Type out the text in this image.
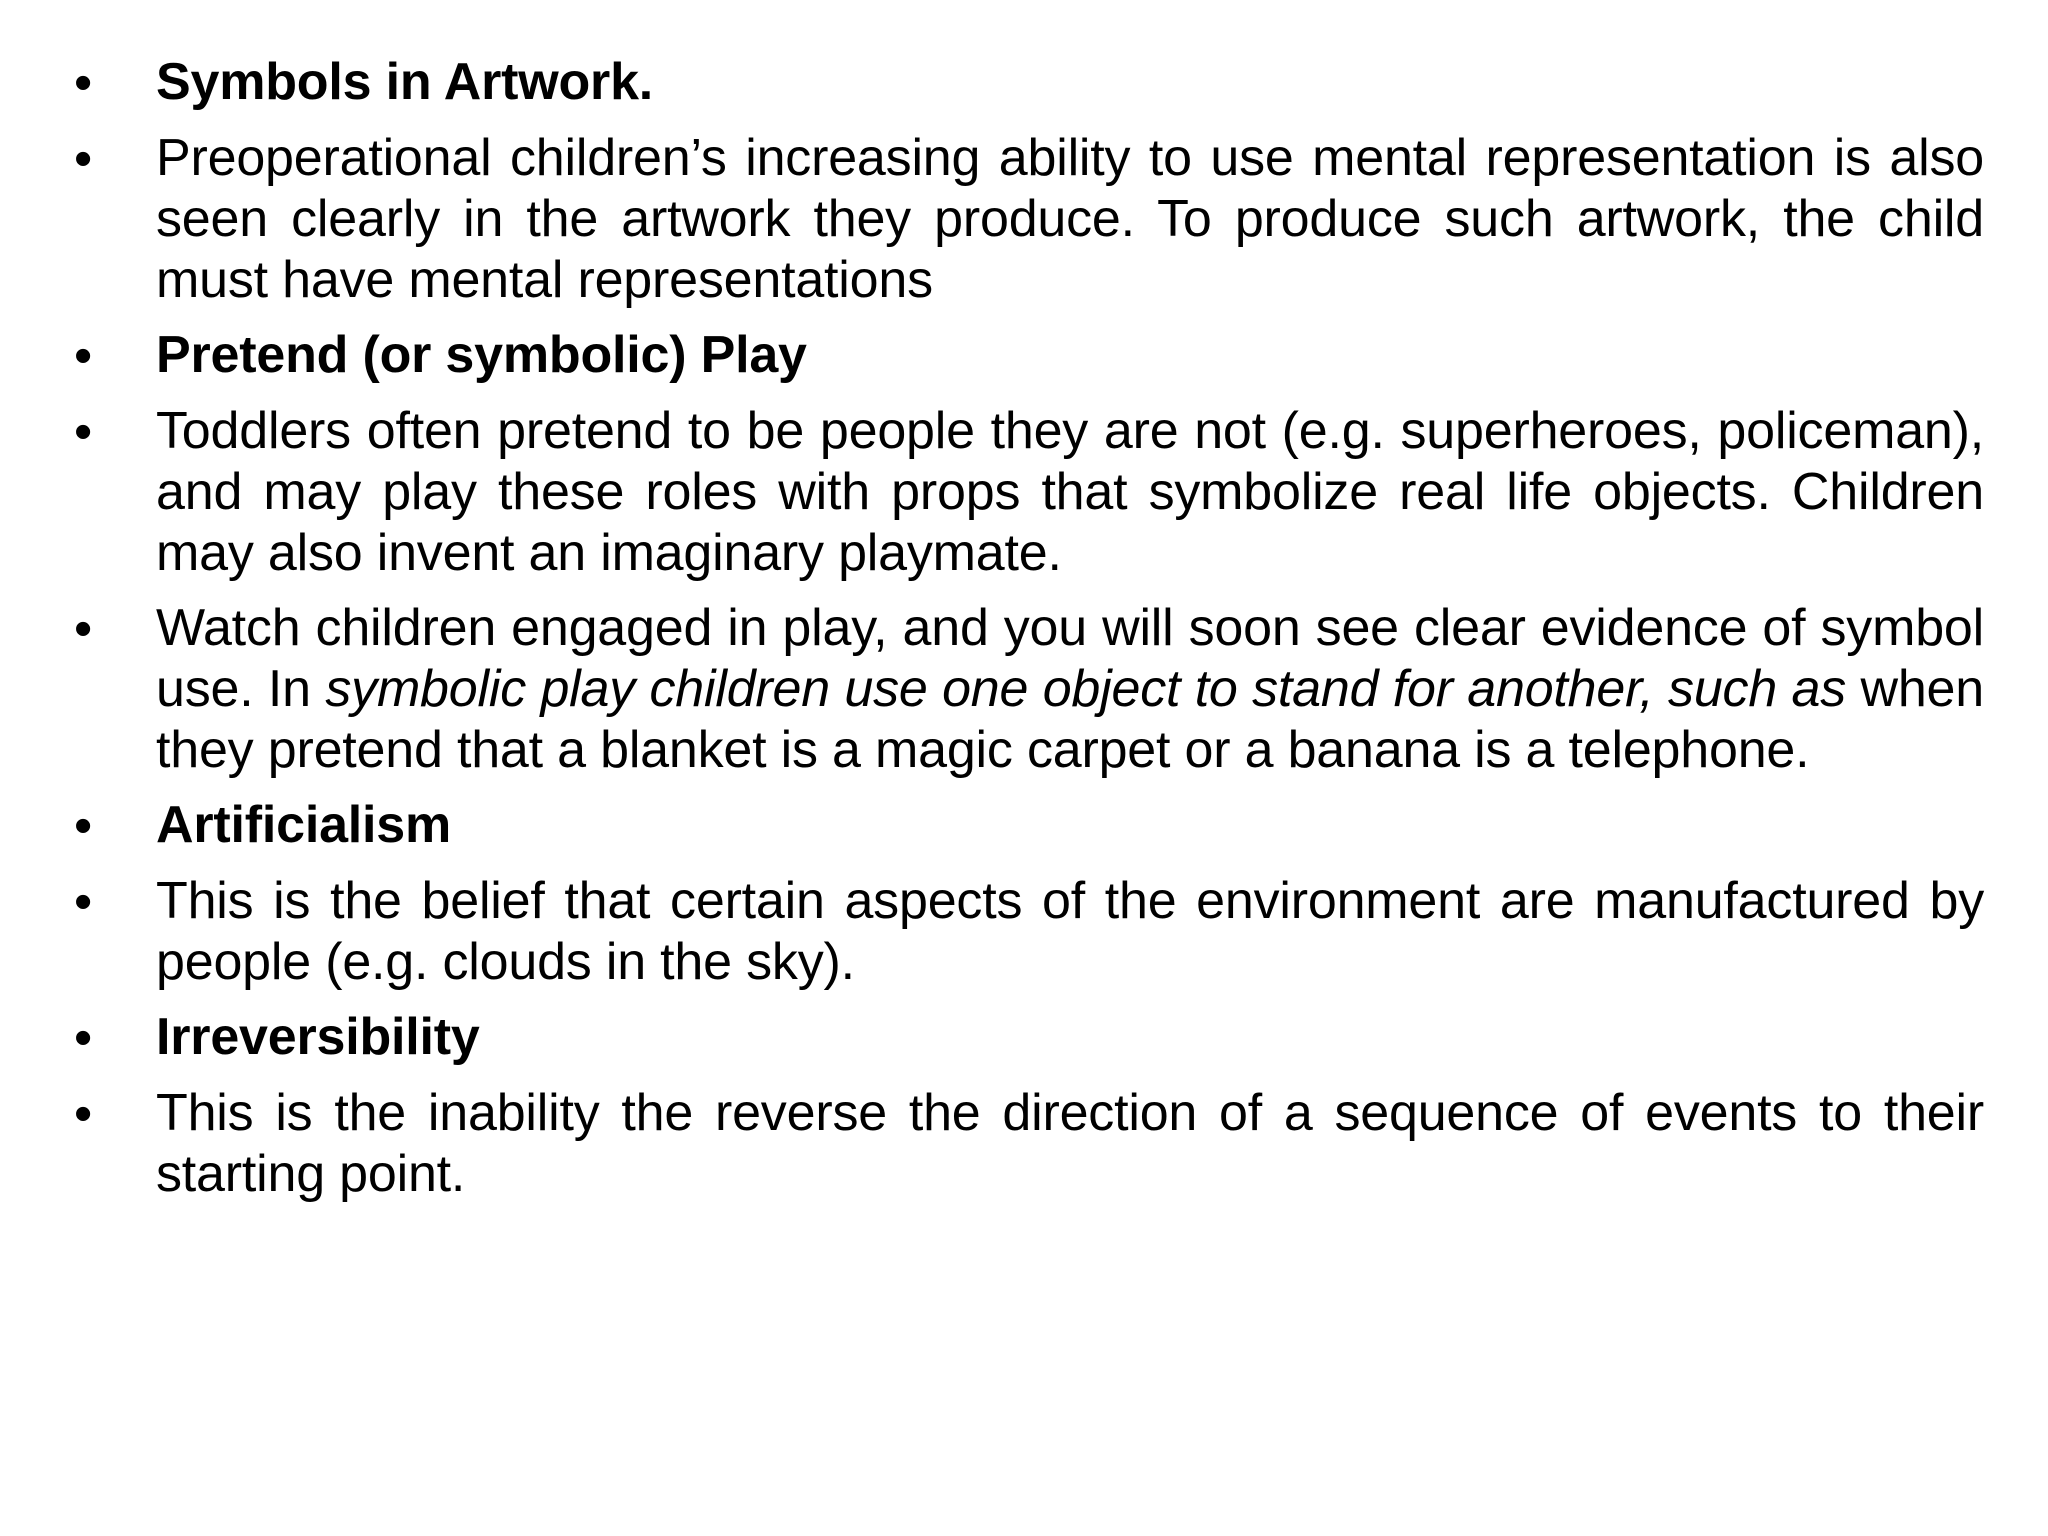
•	Symbols in Artwork.
•	Preoperational children’s increasing ability to use mental representation is also seen clearly in the artwork they produce. To produce such artwork, the child must have mental representations
•	Pretend (or symbolic) Play
•	Toddlers often pretend to be people they are not (e.g. superheroes, policeman), and may play these roles with props that symbolize real life objects. Children may also invent an imaginary playmate.
•	Watch children engaged in play, and you will soon see clear evidence of symbol use. In symbolic play children use one object to stand for another, such as when they pretend that a blanket is a magic carpet or a banana is a telephone.
•	Artificialism
•	This is the belief that certain aspects of the environment are manufactured by people (e.g. clouds in the sky).
•	Irreversibility
•	This is the inability the reverse the direction of a sequence of events to their starting point.
